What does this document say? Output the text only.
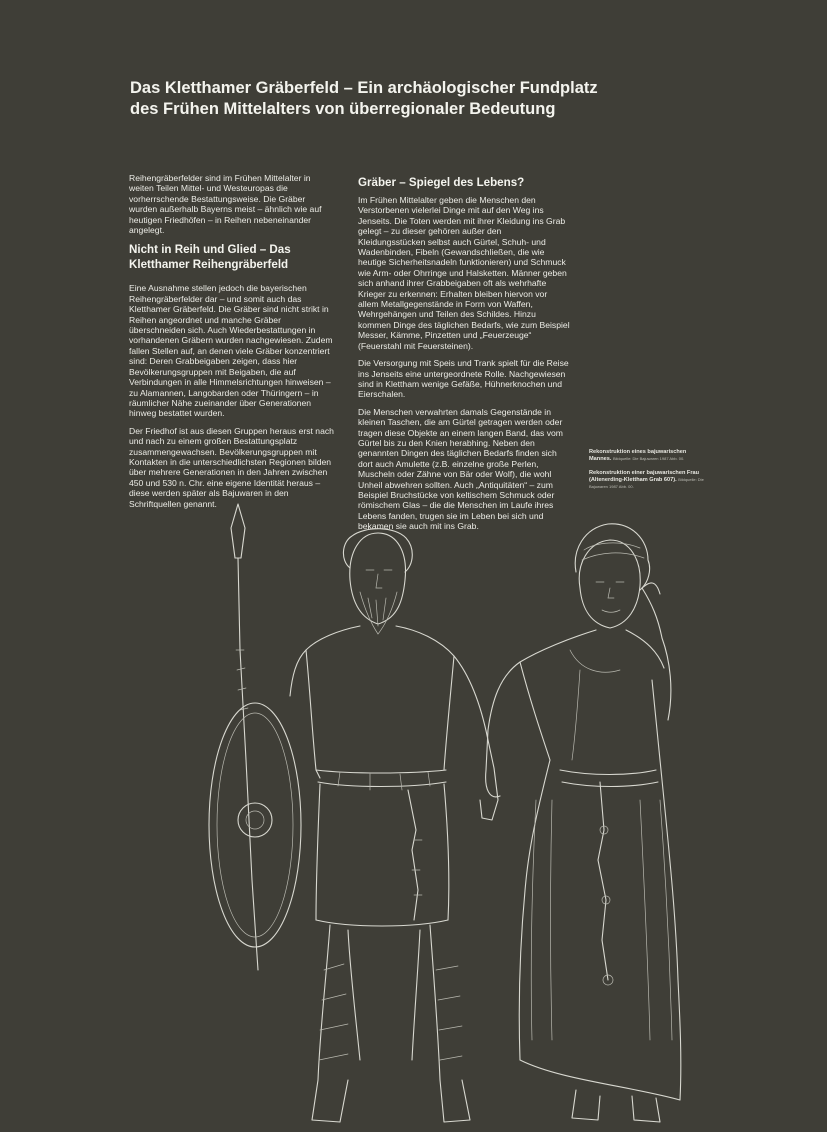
Das Kletthamer Gräberfeld – Ein archäologischer Fundplatz
des Frühen Mittelalters von überregionaler Bedeutung

Reihengräberfelder sind im Frühen Mittelalter in weiten Teilen Mittel- und Westeuropas die vorherrschende Bestattungsweise. Die Gräber wurden außerhalb Bayerns meist – ähnlich wie auf heutigen Friedhöfen – in Reihen nebeneinander angelegt.

Nicht in Reih und Glied – Das Kletthamer Reihengräberfeld

Eine Ausnahme stellen jedoch die bayerischen Reihengräberfelder dar – und somit auch das Kletthamer Gräberfeld. Die Gräber sind nicht strikt in Reihen angeordnet und manche Gräber überschneiden sich. Auch Wiederbestattungen in vorhandenen Gräbern wurden nachgewiesen. Zudem fallen Stellen auf, an denen viele Gräber konzentriert sind: Deren Grabbeigaben zeigen, dass hier Bevölkerungsgruppen mit Beigaben, die auf Verbindungen in alle Himmelsrichtungen hinweisen – zu Alamannen, Langobarden oder Thüringern – in räumlicher Nähe zueinander über Generationen hinweg bestattet wurden.

Der Friedhof ist aus diesen Gruppen heraus erst nach und nach zu einem großen Bestattungsplatz zusammengewachsen. Bevölkerungsgruppen mit Kontakten in die unterschiedlichsten Regionen bilden über mehrere Generationen in den Jahren zwischen 450 und 530 n. Chr. eine eigene Identität heraus – diese werden später als Bajuwaren in den Schriftquellen genannt.

Gräber – Spiegel des Lebens?

Im Frühen Mittelalter geben die Menschen den Verstorbenen vielerlei Dinge mit auf den Weg ins Jenseits. Die Toten werden mit ihrer Kleidung ins Grab gelegt – zu dieser gehören außer den Kleidungsstücken selbst auch Gürtel, Schuh- und Wadenbinden, Fibeln (Gewandschließen, die wie heutige Sicherheitsnadeln funktionieren) und Schmuck wie Arm- oder Ohrringe und Halsketten. Männer geben sich anhand ihrer Grabbeigaben oft als wehrhafte Krieger zu erkennen: Erhalten bleiben hiervon vor allem Metallgegenstände in Form von Waffen, Wehrgehängen und Teilen des Schildes. Hinzu kommen Dinge des täglichen Bedarfs, wie zum Beispiel Messer, Kämme, Pinzetten und „Feuerzeuge“ (Feuerstahl mit Feuersteinen).

Die Versorgung mit Speis und Trank spielt für die Reise ins Jenseits eine untergeordnete Rolle. Nachgewiesen sind in Klettham wenige Gefäße, Hühnerknochen und Eierschalen.

Die Menschen verwahrten damals Gegenstände in kleinen Taschen, die am Gürtel getragen werden oder tragen diese Objekte an einem langen Band, das vom Gürtel bis zu den Knien herabhing. Neben den genannten Dingen des täglichen Bedarfs finden sich dort auch Amulette (z.B. einzelne große Perlen, Muscheln oder Zähne von Bär oder Wolf), die wohl Unheil abwehren sollten. Auch „Antiquitäten“ – zum Beispiel Bruchstücke von keltischem Schmuck oder römischem Glas – die die Menschen im Laufe ihres Lebens fanden, trugen sie im Leben bei sich und bekamen sie auch mit ins Grab.

Rekonstruktion eines bajuwarischen Mannes. Bildquelle: Die Bajuwaren 1987 Abb. 00.
Rekonstruktion einer bajuwarischen Frau (Altenerding-Klettham Grab 607). Bildquelle: Die Bajuwaren 1987 Abb. 00.
